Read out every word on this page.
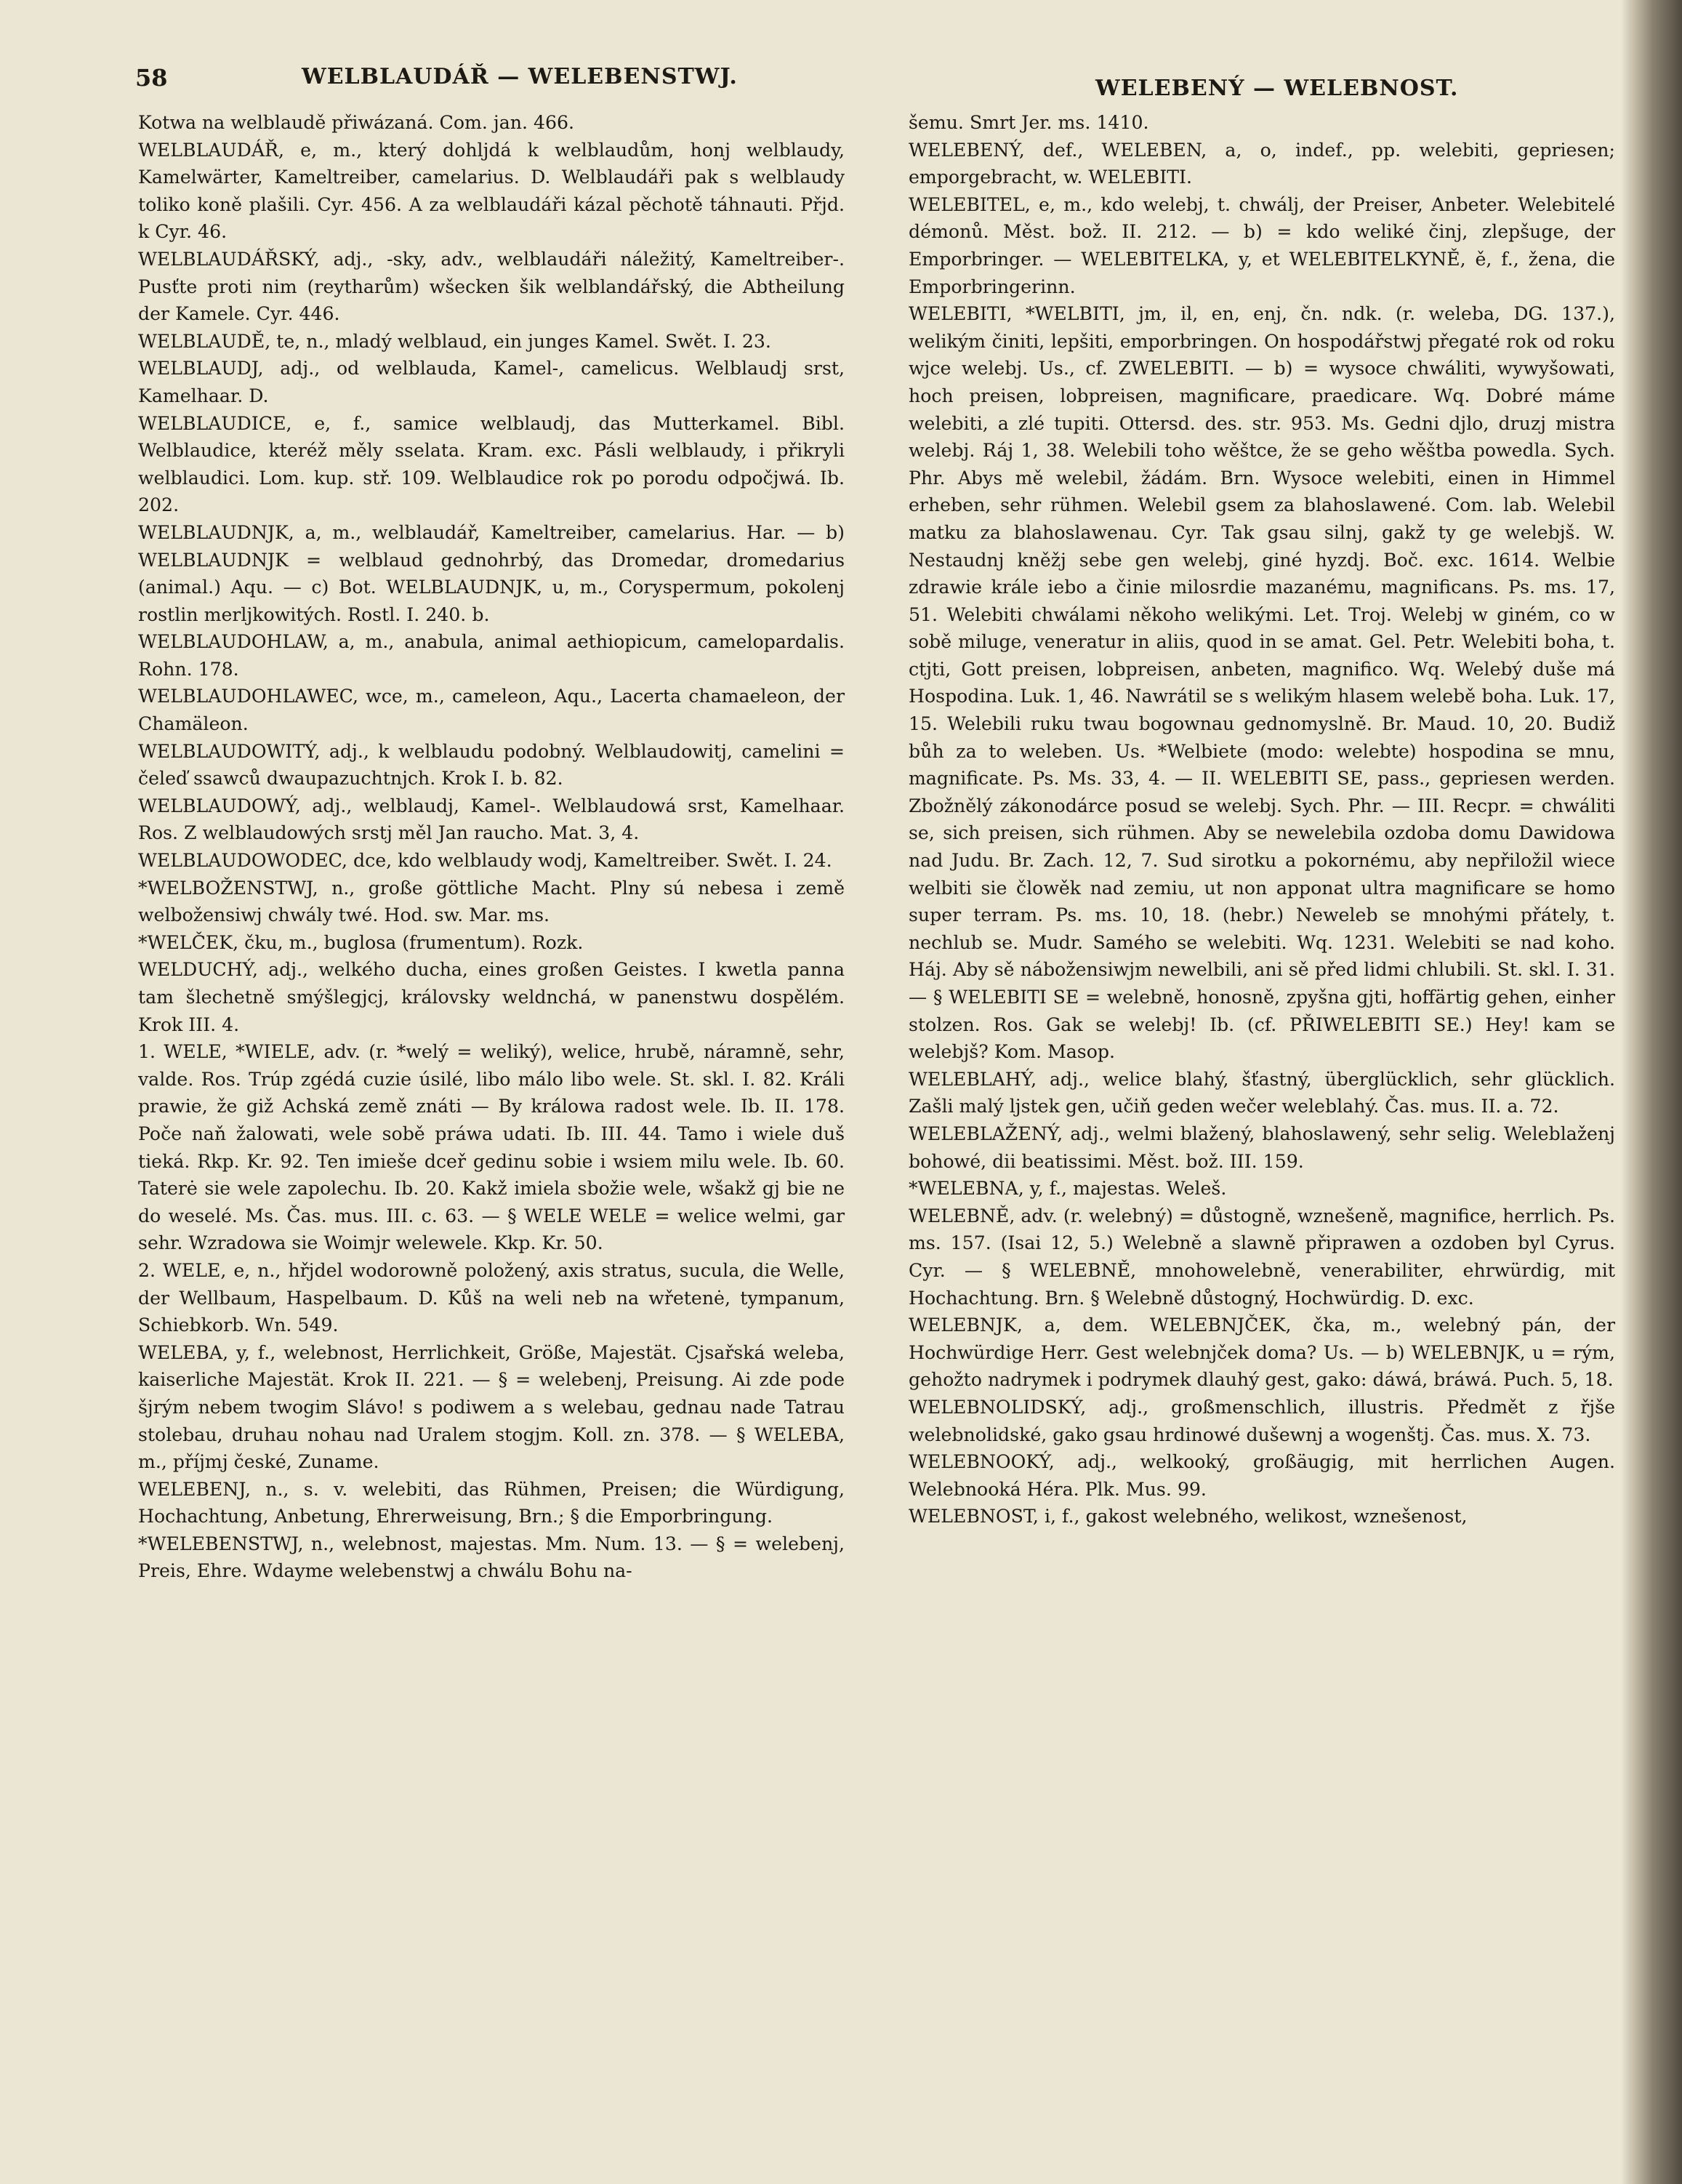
58	WELBLAUDÁŘ — WELEBENSTWJ.	WELEBENÝ — WELEBNOST.

Kotwa na welblaudě přiwázaná. Com. jan. 466.

WELBLAUDÁŘ, e, m., který dohljdá k welblaudům, honj welblaudy, Kamelwärter, Kameltreiber, camelarius. D. Welblaudáři pak s welblaudy toliko koně plašili. Cyr. 456. A za welblaudáři kázal pěchotě táhnauti. Přjd. k Cyr. 46.

WELBLAUDÁŘSKÝ, adj., -sky, adv., welblaudáři náležitý, Kameltreiber-. Pusťte proti nim (reytharům) wšecken šik welblandářský, die Abtheilung der Kamele. Cyr. 446.

WELBLAUDĚ, te, n., mladý welblaud, ein junges Kamel. Swět. I. 23.

WELBLAUDJ, adj., od welblauda, Kamel-, camelicus. Welblaudj srst, Kamelhaar. D.

WELBLAUDICE, e, f., samice welblaudj, das Mutterkamel. Bibl. Welblaudice, kteréž měly sselata. Kram. exc. Pásli welblaudy, i přikryli welblaudici. Lom. kup. stř. 109. Welblaudice rok po porodu odpočjwá. Ib. 202.

WELBLAUDNJK, a, m., welblaudář, Kameltreiber, camelarius. Har. — b) WELBLAUDNJK = welblaud gednohrbý, das Dromedar, dromedarius (animal.) Aqu. — c) Bot. WELBLAUDNJK, u, m., Coryspermum, pokolenj rostlin merljkowitých. Rostl. I. 240. b.

WELBLAUDOHLAW, a, m., anabula, animal aethiopicum, camelopardalis. Rohn. 178.

WELBLAUDOHLAWEC, wce, m., cameleon, Aqu., Lacerta chamaeleon, der Chamäleon.

WELBLAUDOWITÝ, adj., k welblaudu podobný. Welblaudowitj, camelini = čeleď ssawců dwaupazuchtnjch. Krok I. b. 82.

WELBLAUDOWÝ, adj., welblaudj, Kamel-. Welblaudowá srst, Kamelhaar. Ros. Z welblaudowých srstj měl Jan raucho. Mat. 3, 4.

WELBLAUDOWODEC, dce, kdo welblaudy wodj, Kameltreiber. Swět. I. 24.

*WELBOŽENSTWJ, n., große göttliche Macht. Plny sú nebesa i země welbožensiwj chwály twé. Hod. sw. Mar. ms.

*WELČEK, čku, m., buglosa (frumentum). Rozk.

WELDUCHÝ, adj., welkého ducha, eines großen Geistes. I kwetla panna tam šlechetně smýšlegjcj, královsky weldnchá, w panenstwu dospělém. Krok III. 4.

1. WELE, *WIELE, adv. (r. *welý = weliký), welice, hrubě, náramně, sehr, valde. Ros. Trúp zgédá cuzie úsilé, libo málo libo wele. St. skl. I. 82. Králi prawie, že giž Achská země znáti — By králowa radost wele. Ib. II. 178. Poče naň žalowati, wele sobě práwa udati. Ib. III. 44. Tamo i wiele duš tieká. Rkp. Kr. 92. Ten imieše dceř gedinu sobie i wsiem milu wele. Ib. 60. Taterė sie wele zapolechu. Ib. 20. Kakž imiela sbožie wele, wšakž gj bie ne do weselé. Ms. Čas. mus. III. c. 63. — § WELE WELE = welice welmi, gar sehr. Wzradowa sie Woimjr welewele. Kkp. Kr. 50.

2. WELE, e, n., hřjdel wodorowně položený, axis stratus, sucula, die Welle, der Wellbaum, Haspelbaum. D. Kůš na weli neb na wřetenė, tympanum, Schiebkorb. Wn. 549.

WELEBA, y, f., welebnost, Herrlichkeit, Größe, Majestät. Cjsařská weleba, kaiserliche Majestät. Krok II. 221. — § = welebenj, Preisung. Ai zde pode šjrým nebem twogim Slávo! s podiwem a s welebau, gednau nade Tatrau stolebau, druhau nohau nad Uralem stogjm. Koll. zn. 378. — § WELEBA, m., příjmj české, Zuname.

WELEBENJ, n., s. v. welebiti, das Rühmen, Preisen; die Würdigung, Hochachtung, Anbetung, Ehrerweisung, Brn.; § die Emporbringung.

*WELEBENSTWJ, n., welebnost, majestas. Mm. Num. 13. — § = welebenj, Preis, Ehre. Wdayme welebenstwj a chwálu Bohu na-

šemu. Smrt Jer. ms. 1410.

WELEBENÝ, def., WELEBEN, a, o, indef., pp. welebiti, gepriesen; emporgebracht, w. WELEBITI.

WELEBITEL, e, m., kdo welebj, t. chwálj, der Preiser, Anbeter. Welebitelé démonů. Měst. bož. II. 212. — b) = kdo weliké činj, zlepšuge, der Emporbringer. — WELEBITELKA, y, et WELEBITELKYNĚ, ě, f., žena, die Emporbringerinn.

WELEBITI, *WELBITI, jm, il, en, enj, čn. ndk. (r. weleba, DG. 137.), welikým činiti, lepšiti, emporbringen. On hospodářstwj přegaté rok od roku wjce welebj. Us., cf. ZWELEBITI. — b) = wysoce chwáliti, wywyšowati, hoch preisen, lobpreisen, magnificare, praedicare. Wq. Dobré máme welebiti, a zlé tupiti. Ottersd. des. str. 953. Ms. Gedni djlo, druzj mistra welebj. Ráj 1, 38. Welebili toho wěštce, že se geho wěštba powedla. Sych. Phr. Abys mě welebil, žádám. Brn. Wysoce welebiti, einen in Himmel erheben, sehr rühmen. Welebil gsem za blahoslawené. Com. lab. Welebil matku za blahoslawenau. Cyr. Tak gsau silnj, gakž ty ge welebjš. W. Nestaudnj kněžj sebe gen welebj, giné hyzdj. Boč. exc. 1614. Welbie zdrawie krále iebo a činie milosrdie mazanému, magnificans. Ps. ms. 17, 51. Welebiti chwálami někoho welikými. Let. Troj. Welebj w giném, co w sobě miluge, veneratur in aliis, quod in se amat. Gel. Petr. Welebiti boha, t. ctjti, Gott preisen, lobpreisen, anbeten, magnifico. Wq. Welebý duše má Hospodina. Luk. 1, 46. Nawrátil se s welikým hlasem welebě boha. Luk. 17, 15. Welebili ruku twau bogownau gednomyslně. Br. Maud. 10, 20. Budiž bůh za to weleben. Us. *Welbiete (modo: welebte) hospodina se mnu, magnificate. Ps. Ms. 33, 4. — II. WELEBITI SE, pass., gepriesen werden. Zbožnělý zákonodárce posud se welebj. Sych. Phr. — III. Recpr. = chwáliti se, sich preisen, sich rühmen. Aby se newelebila ozdoba domu Dawidowa nad Judu. Br. Zach. 12, 7. Sud sirotku a pokornému, aby nepřiložil wiece welbiti sie člowěk nad zemiu, ut non apponat ultra magnificare se homo super terram. Ps. ms. 10, 18. (hebr.) Neweleb se mnohými přátely, t. nechlub se. Mudr. Samého se welebiti. Wq. 1231. Welebiti se nad koho. Háj. Aby sě nábožensiwjm newelbili, ani sě před lidmi chlubili. St. skl. I. 31. — § WELEBITI SE = welebně, honosně, zpyšna gjti, hoffärtig gehen, einher stolzen. Ros. Gak se welebj! Ib. (cf. PŘIWELEBITI SE.) Hey! kam se welebjš? Kom. Masop.

WELEBLAHÝ, adj., welice blahý, šťastný, überglücklich, sehr glücklich. Zašli malý ljstek gen, učiň geden wečer weleblahý. Čas. mus. II. a. 72.

WELEBLAŽENÝ, adj., welmi blažený, blahoslawený, sehr selig. Weleblaženj bohowé, dii beatissimi. Měst. bož. III. 159.

*WELEBNA, y, f., majestas. Weleš.

WELEBNĚ, adv. (r. welebný) = důstogně, wznešeně, magnifice, herrlich. Ps. ms. 157. (Isai 12, 5.) Welebně a slawně připrawen a ozdoben byl Cyrus. Cyr. — § WELEBNĚ, mnohowelebně, venerabiliter, ehrwürdig, mit Hochachtung. Brn. § Welebně důstogný, Hochwürdig. D. exc.

WELEBNJK, a, dem. WELEBNJČEK, čka, m., welebný pán, der Hochwürdige Herr. Gest welebnjček doma? Us. — b) WELEBNJK, u = rým, gehožto nadrymek i podrymek dlauhý gest, gako: dáwá, bráwá. Puch. 5, 18.

WELEBNOLIDSKÝ, adj., großmenschlich, illustris. Předmět z řjše welebnolidské, gako gsau hrdinowé dušewnj a wogenštj. Čas. mus. X. 73.

WELEBNOOKÝ, adj., welkooký, großäugig, mit herrlichen Augen. Welebnooká Héra. Plk. Mus. 99.

WELEBNOST, i, f., gakost welebného, welikost, wznešenost,
